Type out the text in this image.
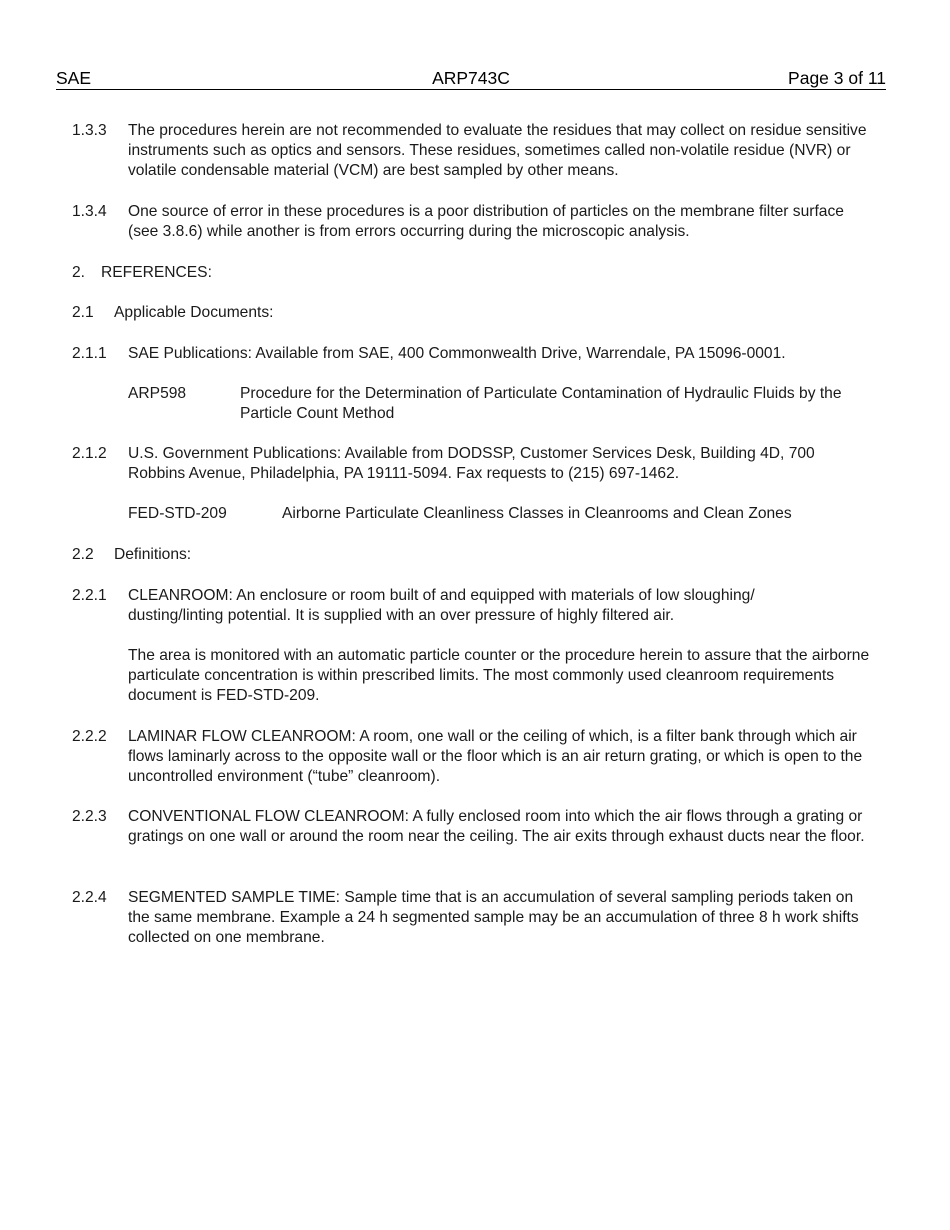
SAE	ARP743C	Page 3 of 11
1.3.3 The procedures herein are not recommended to evaluate the residues that may collect on residue sensitive instruments such as optics and sensors. These residues, sometimes called non-volatile residue (NVR) or volatile condensable material (VCM) are best sampled by other means.
1.3.4 One source of error in these procedures is a poor distribution of particles on the membrane filter surface (see 3.8.6) while another is from errors occurring during the microscopic analysis.
2. REFERENCES:
2.1 Applicable Documents:
2.1.1 SAE Publications: Available from SAE, 400 Commonwealth Drive, Warrendale, PA 15096-0001.
ARP598	Procedure for the Determination of Particulate Contamination of Hydraulic Fluids by the Particle Count Method
2.1.2 U.S. Government Publications: Available from DODSSP, Customer Services Desk, Building 4D, 700 Robbins Avenue, Philadelphia, PA 19111-5094. Fax requests to (215) 697-1462.
FED-STD-209	Airborne Particulate Cleanliness Classes in Cleanrooms and Clean Zones
2.2 Definitions:
2.2.1 CLEANROOM: An enclosure or room built of and equipped with materials of low sloughing/ dusting/linting potential. It is supplied with an over pressure of highly filtered air.
The area is monitored with an automatic particle counter or the procedure herein to assure that the airborne particulate concentration is within prescribed limits. The most commonly used cleanroom requirements document is FED-STD-209.
2.2.2 LAMINAR FLOW CLEANROOM: A room, one wall or the ceiling of which, is a filter bank through which air flows laminarly across to the opposite wall or the floor which is an air return grating, or which is open to the uncontrolled environment (“tube” cleanroom).
2.2.3 CONVENTIONAL FLOW CLEANROOM: A fully enclosed room into which the air flows through a grating or gratings on one wall or around the room near the ceiling. The air exits through exhaust ducts near the floor.
2.2.4 SEGMENTED SAMPLE TIME: Sample time that is an accumulation of several sampling periods taken on the same membrane. Example a 24 h segmented sample may be an accumulation of three 8 h work shifts collected on one membrane.
